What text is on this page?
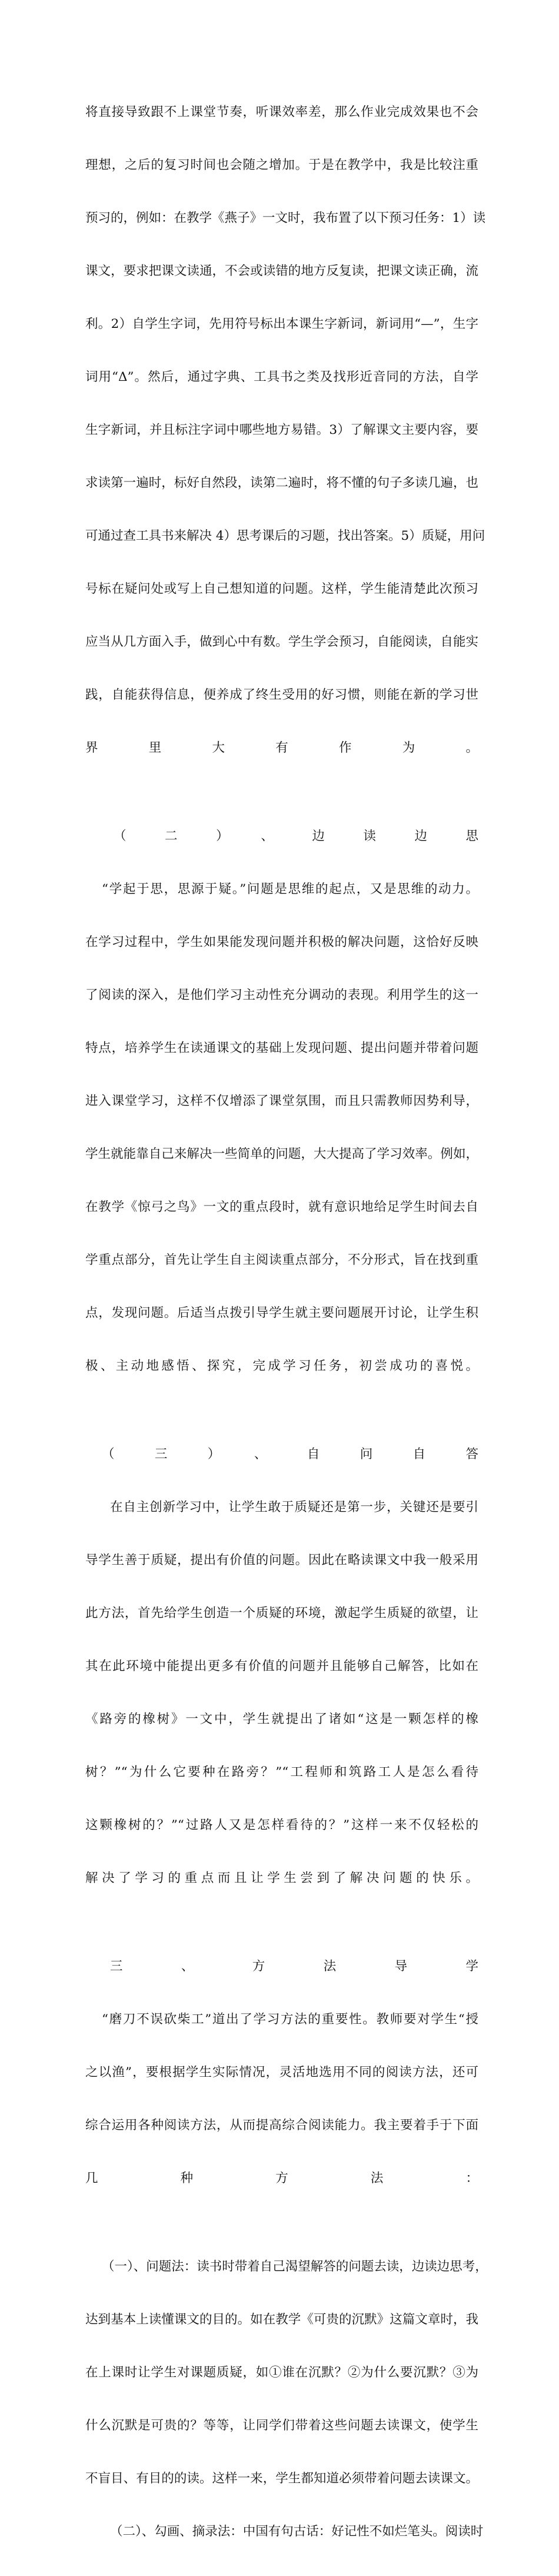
将直接导致跟不上课堂节奏，听课效率差，那么作业完成效果也不会

理想，之后的复习时间也会随之增加。于是在教学中，我是比较注重

预习的，例如：在教学《燕子》一文时，我布置了以下预习任务：1）读

课文，要求把课文读通，不会或读错的地方反复读，把课文读正确，流

利。2）自学生字词，先用符号标出本课生字新词，新词用“—”，生字

词用“Δ”。然后，通过字典、工具书之类及找形近音同的方法，自学

生字新词，并且标注字词中哪些地方易错。3）了解课文主要内容，要

求读第一遍时，标好自然段，读第二遍时，将不懂的句子多读几遍，也

可通过查工具书来解决 4）思考课后的习题，找出答案。5）质疑，用问

号标在疑问处或写上自己想知道的问题。这样，学生能清楚此次预习

应当从几方面入手，做到心中有数。学生学会预习，自能阅读，自能实

践，自能获得信息，便养成了终生受用的好习惯，则能在新的学习世

界里大有作为。

（二）、边读边思

“学起于思，思源于疑。”问题是思维的起点，又是思维的动力。

在学习过程中，学生如果能发现问题并积极的解决问题，这恰好反映

了阅读的深入，是他们学习主动性充分调动的表现。利用学生的这一

特点，培养学生在读通课文的基础上发现问题、提出问题并带着问题

进入课堂学习，这样不仅增添了课堂氛围，而且只需教师因势利导，

学生就能靠自己来解决一些简单的问题，大大提高了学习效率。例如，

在教学《惊弓之鸟》一文的重点段时，就有意识地给足学生时间去自

学重点部分，首先让学生自主阅读重点部分，不分形式，旨在找到重

点，发现问题。后适当点拨引导学生就主要问题展开讨论，让学生积

极、主动地感悟、探究，完成学习任务，初尝成功的喜悦。

（三）、自问自答

在自主创新学习中，让学生敢于质疑还是第一步，关键还是要引

导学生善于质疑，提出有价值的问题。因此在略读课文中我一般采用

此方法，首先给学生创造一个质疑的环境，激起学生质疑的欲望，让

其在此环境中能提出更多有价值的问题并且能够自己解答，比如在

《路旁的橡树》一文中，学生就提出了诸如“这是一颗怎样的橡

树？”“为什么它要种在路旁？”“工程师和筑路工人是怎么看待

这颗橡树的？”“过路人又是怎样看待的？”这样一来不仅轻松的

解决了学习的重点而且让学生尝到了解决问题的快乐。

三、方法导学

“磨刀不误砍柴工”道出了学习方法的重要性。教师要对学生“授

之以渔”，要根据学生实际情况，灵活地选用不同的阅读方法，还可

综合运用各种阅读方法，从而提高综合阅读能力。我主要着手于下面

几种方法：

（一）、问题法：读书时带着自己渴望解答的问题去读，边读边思考，

达到基本上读懂课文的目的。如在教学《可贵的沉默》这篇文章时，我

在上课时让学生对课题质疑，如①谁在沉默？②为什么要沉默？③为

什么沉默是可贵的？等等，让同学们带着这些问题去读课文，使学生

不盲目、有目的的读。这样一来，学生都知道必须带着问题去读课文。

（二）、勾画、摘录法：中国有句古话：好记性不如烂笔头。阅读时
